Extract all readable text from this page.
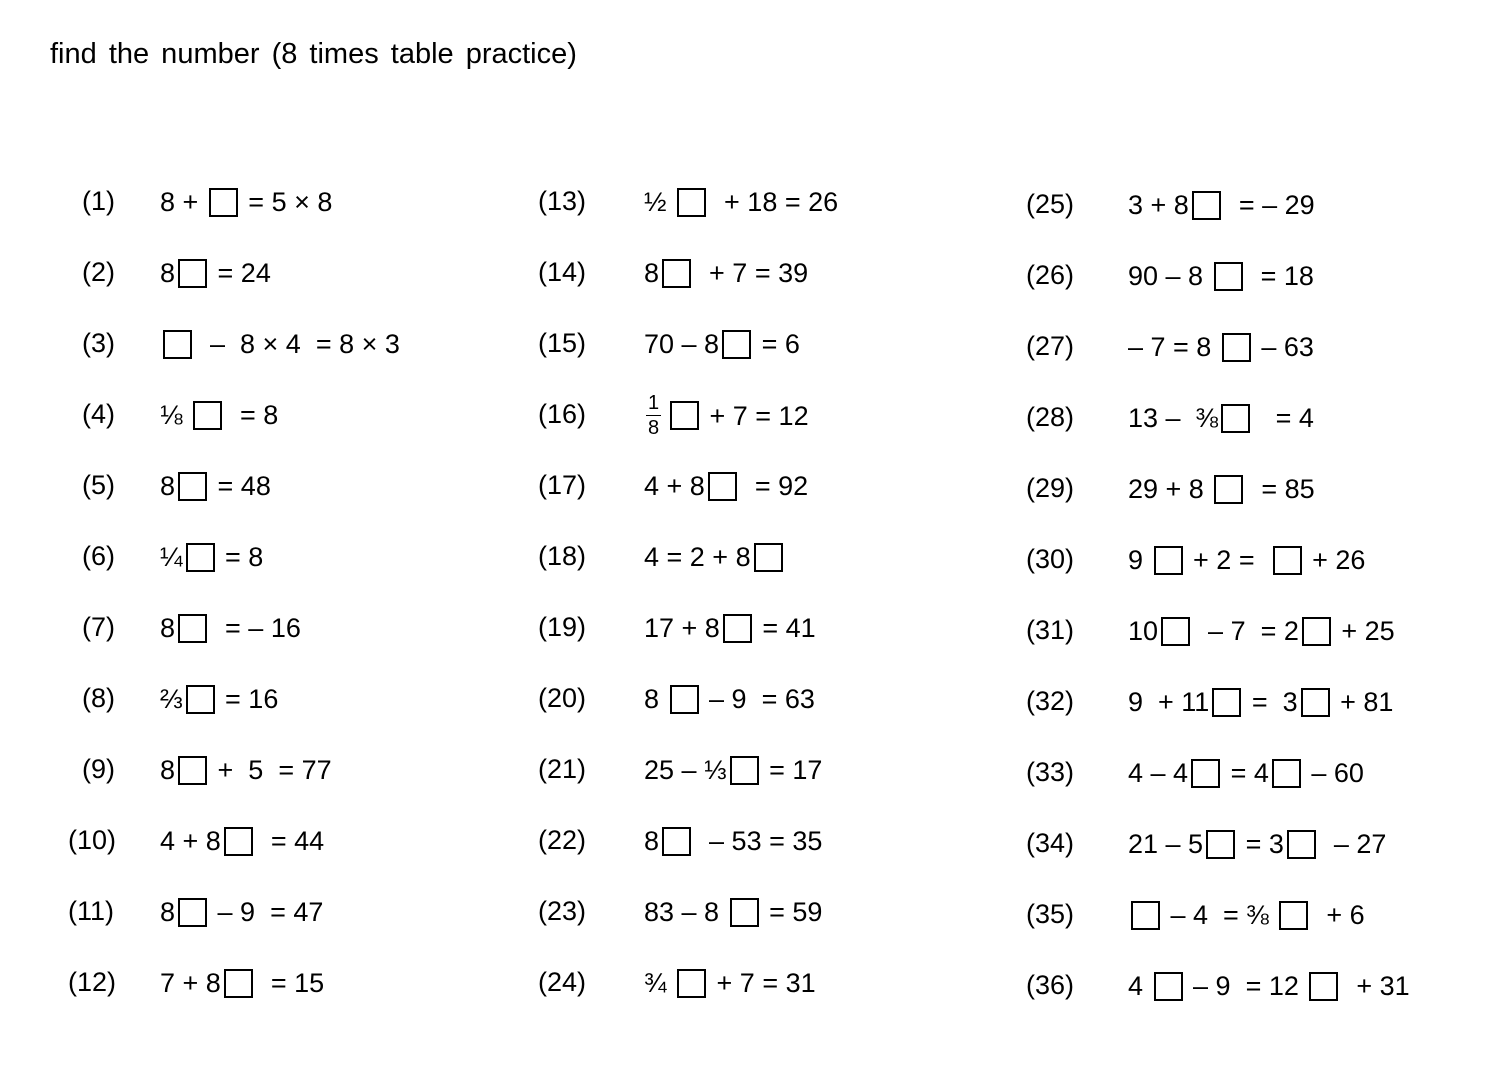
find the number (8 times table practice)
(1) 8 + = 5 × 8
(2) 8 = 24
(3)	–  8 × 4  = 8 × 3
(4) ⅛ = 8
(5) 8 = 48
(6) ¼ = 8
(7) 8 = – 16
(8) ⅔ = 16
(9) 8 +  5  = 77
(10) 4 + 8 = 44
(11) 8 – 9  = 47
(12) 7 + 8 = 15
(13) ½ + 18 = 26
(14) 8 + 7 = 39
(15) 70 – 8 = 6
(16)	$\frac{1}{8} + 7 = 12$
(17) 4 + 8 = 92
(18) 4 = 2 + 8
(19) 17 + 8 = 41
(20) 8 – 9  = 63
(21) 25 – ⅓ = 17
(22) 8 – 53 = 35
(23) 83 – 8 = 59
(24) ¾ + 7 = 31
(25) 3 + 8 = – 29
(26) 90 – 8 = 18
(27) – 7 = 8 – 63
(28) 13 –  ⅜ = 4
(29) 29 + 8 = 85
(30) 9 + 2 = + 26
(31) 10 – 7  = 2 + 25
(32) 9  + 11 =  3 + 81
(33) 4 – 4 = 4 – 60
(34) 21 – 5 = 3 – 27
(35)	– 4  = ⅜ + 6
(36) 4 – 9  = 12 + 31
